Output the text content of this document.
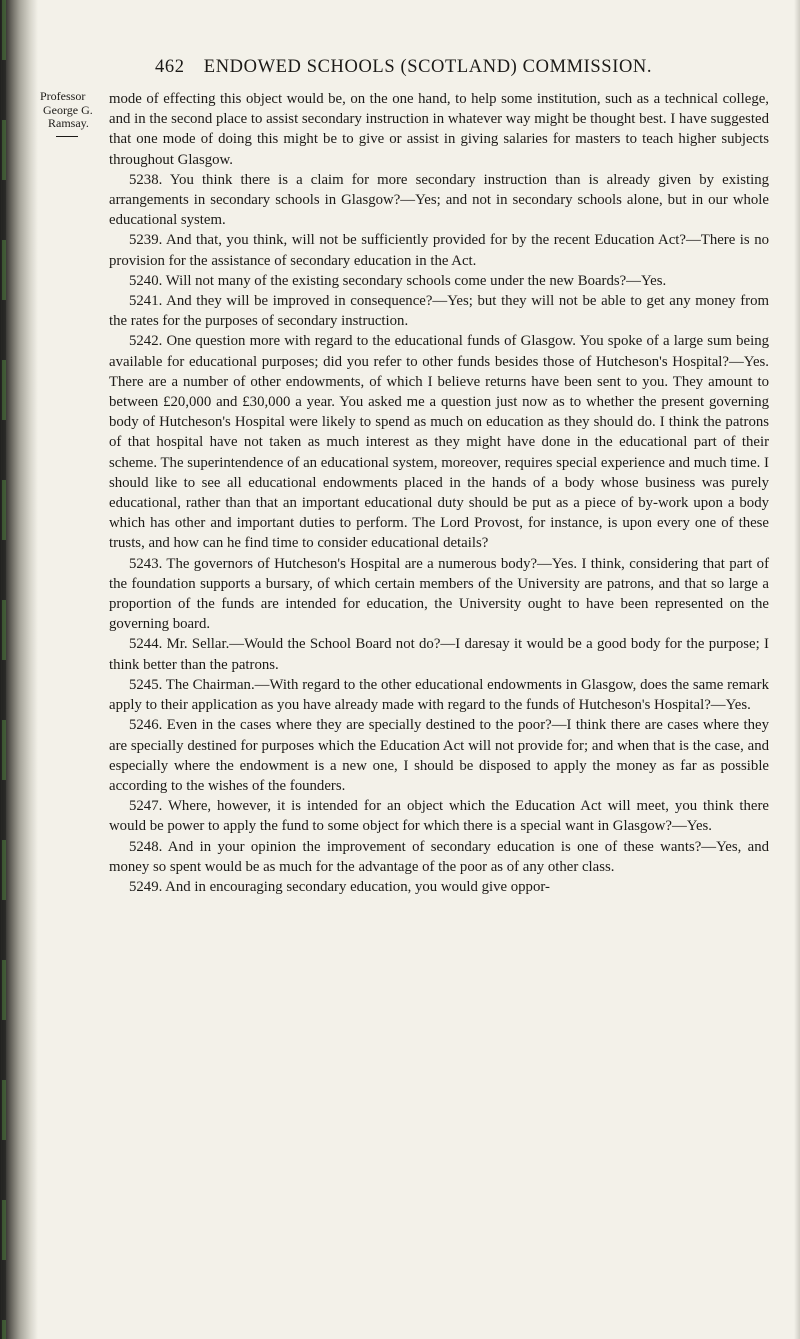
462 ENDOWED SCHOOLS (SCOTLAND) COMMISSION.
Professor
George G.
Ramsay.

mode of effecting this object would be, on the one hand, to help some institution, such as a technical college, and in the second place to assist secondary instruction in whatever way might be thought best. I have suggested that one mode of doing this might be to give or assist in giving salaries for masters to teach higher subjects throughout Glasgow.

5238. You think there is a claim for more secondary instruction than is already given by existing arrangements in secondary schools in Glasgow?—Yes; and not in secondary schools alone, but in our whole educational system.

5239. And that, you think, will not be sufficiently provided for by the recent Education Act?—There is no provision for the assistance of secondary education in the Act.

5240. Will not many of the existing secondary schools come under the new Boards?—Yes.

5241. And they will be improved in consequence?—Yes; but they will not be able to get any money from the rates for the purposes of secondary instruction.

5242. One question more with regard to the educational funds of Glasgow. You spoke of a large sum being available for educational purposes; did you refer to other funds besides those of Hutcheson's Hospital?—Yes. There are a number of other endowments, of which I believe returns have been sent to you. They amount to between £20,000 and £30,000 a year. You asked me a question just now as to whether the present governing body of Hutcheson's Hospital were likely to spend as much on education as they should do. I think the patrons of that hospital have not taken as much interest as they might have done in the educational part of their scheme. The superintendence of an educational system, moreover, requires special experience and much time. I should like to see all educational endowments placed in the hands of a body whose business was purely educational, rather than that an important educational duty should be put as a piece of by-work upon a body which has other and important duties to perform. The Lord Provost, for instance, is upon every one of these trusts, and how can he find time to consider educational details?

5243. The governors of Hutcheson's Hospital are a numerous body?—Yes. I think, considering that part of the foundation supports a bursary, of which certain members of the University are patrons, and that so large a proportion of the funds are intended for education, the University ought to have been represented on the governing board.

5244. Mr. Sellar.—Would the School Board not do?—I daresay it would be a good body for the purpose; I think better than the patrons.

5245. The Chairman.—With regard to the other educational endowments in Glasgow, does the same remark apply to their application as you have already made with regard to the funds of Hutcheson's Hospital?—Yes.

5246. Even in the cases where they are specially destined to the poor?—I think there are cases where they are specially destined for purposes which the Education Act will not provide for; and when that is the case, and especially where the endowment is a new one, I should be disposed to apply the money as far as possible according to the wishes of the founders.

5247. Where, however, it is intended for an object which the Education Act will meet, you think there would be power to apply the fund to some object for which there is a special want in Glasgow?—Yes.

5248. And in your opinion the improvement of secondary education is one of these wants?—Yes, and money so spent would be as much for the advantage of the poor as of any other class.

5249. And in encouraging secondary education, you would give oppor-
